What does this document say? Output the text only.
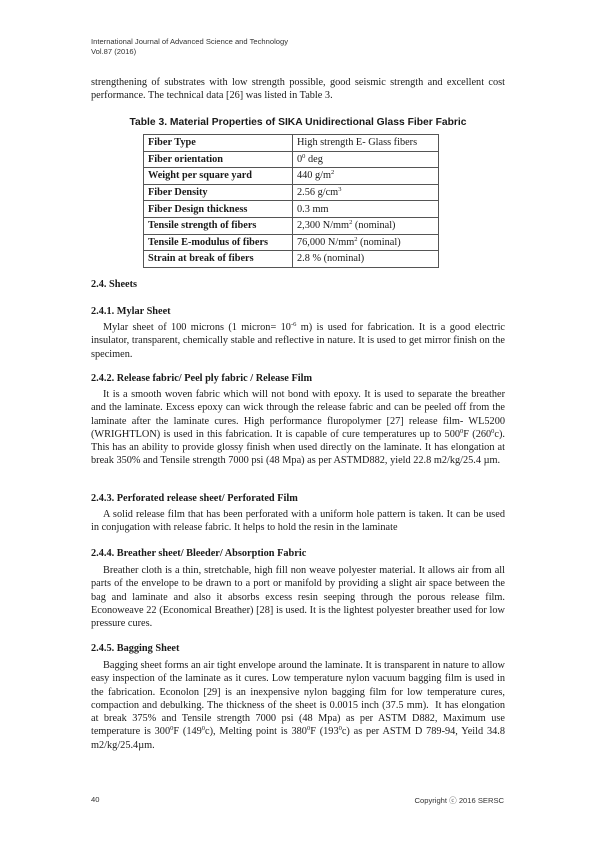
International Journal of Advanced Science and Technology
Vol.87 (2016)

strengthening of substrates with low strength possible, good seismic strength and excellent cost performance. The technical data [26] was listed in Table 3.

Table 3. Material Properties of SIKA Unidirectional Glass Fiber Fabric

Fiber Type	High strength E- Glass fibers
Fiber orientation	$0^0$ deg
Weight per square yard	440 $g/m^2$
Fiber Density	2.56 $g/cm^3$
Fiber Design thickness	0.3 mm
Tensile strength of fibers	2,300 $N/mm^2$ (nominal)
Tensile E-modulus of fibers	76,000 $N/mm^2$ (nominal)
Strain at break of fibers	2.8 % (nominal)
2.4. Sheets
2.4.1. Mylar Sheet

Mylar sheet of 100 microns (1 micron= $10^{-6}$ m) is used for fabrication. It is a good electric insulator, transparent, chemically stable and reflective in nature. It is used to get mirror finish on the specimen.

2.4.2. Release fabric/ Peel ply fabric / Release Film

It is a smooth woven fabric which will not bond with epoxy. It is used to separate the breather and the laminate. Excess epoxy can wick through the release fabric and can be peeled off from the laminate after the laminate cures. High performance fluropolymer [27] release film- WL5200 (WRIGHTLON) is used in this fabrication. It is capable of cure temperatures up to $500^0F$ $(260^0c)$. This has an ability to provide glossy finish when used directly on the laminate. It has elongation at break 350% and Tensile strength 7000 psi (48 Mpa) as per ASTMD882, yield 22.8 m2/kg/25.4 µm.

2.4.3. Perforated release sheet/ Perforated Film

A solid release film that has been perforated with a uniform hole pattern is taken. It can be used in conjugation with release fabric. It helps to hold the resin in the laminate

2.4.4. Breather sheet/ Bleeder/ Absorption Fabric

Breather cloth is a thin, stretchable, high fill non weave polyester material. It allows air from all parts of the envelope to be drawn to a port or manifold by providing a slight air space between the bag and laminate and also it absorbs excess resin seeping through the porous release film. Econoweave 22 (Economical Breather) [28] is used. It is the lightest polyester breather used for low pressure cures.

2.4.5. Bagging Sheet

Bagging sheet forms an air tight envelope around the laminate. It is transparent in nature to allow easy inspection of the laminate as it cures. Low temperature nylon vacuum bagging film is used in the fabrication. Econolon [29] is an inexpensive nylon bagging film for low temperature cures, compaction and debulking. The thickness of the sheet is 0.0015 inch (37.5 mm).  It has elongation at break 375% and Tensile strength 7000 psi (48 Mpa) as per ASTM D882, Maximum use temperature is $300^0F$ $(149^0c)$, Melting point is $380^0F$ $(193^0c)$ as per ASTM D 789-94, Yeild 34.8 m2/kg/25.4µm.

40	Copyright ⓒ 2016 SERSC
